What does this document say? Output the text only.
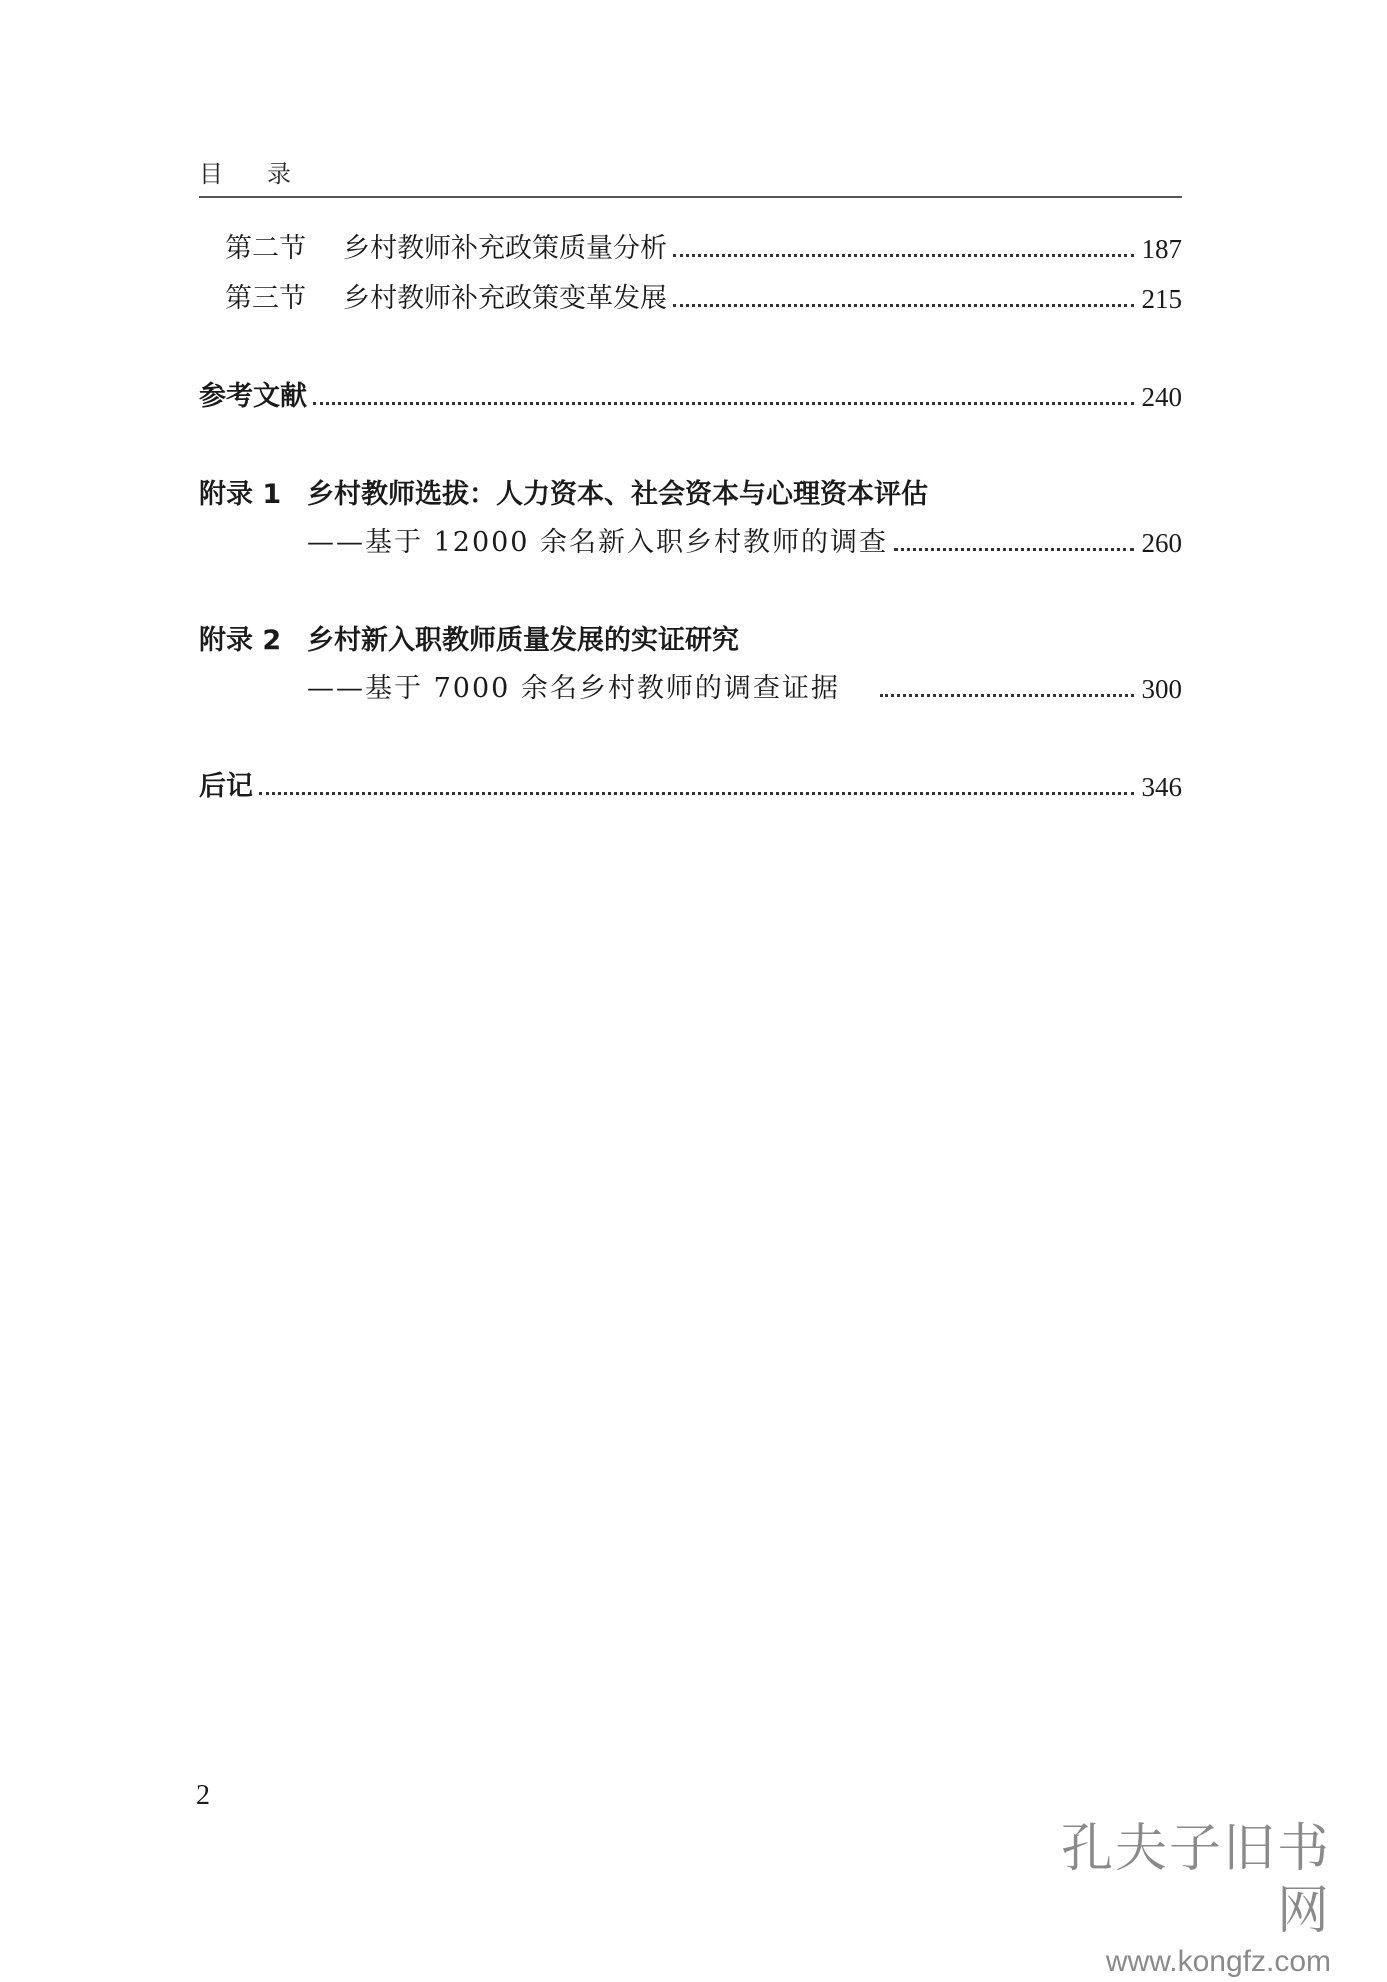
目录
第二节	乡村教师补充政策质量分析	187
第三节	乡村教师补充政策变革发展	215
参考文献	240
附录 1 乡村教师选拔：人力资本、社会资本与心理资本评估
——基于 12000 余名新入职乡村教师的调查	260
附录 2 乡村新入职教师质量发展的实证研究
——基于 7000 余名乡村教师的调查证据	300
后记	346
2
孔夫子旧书网
www.kongfz.com
